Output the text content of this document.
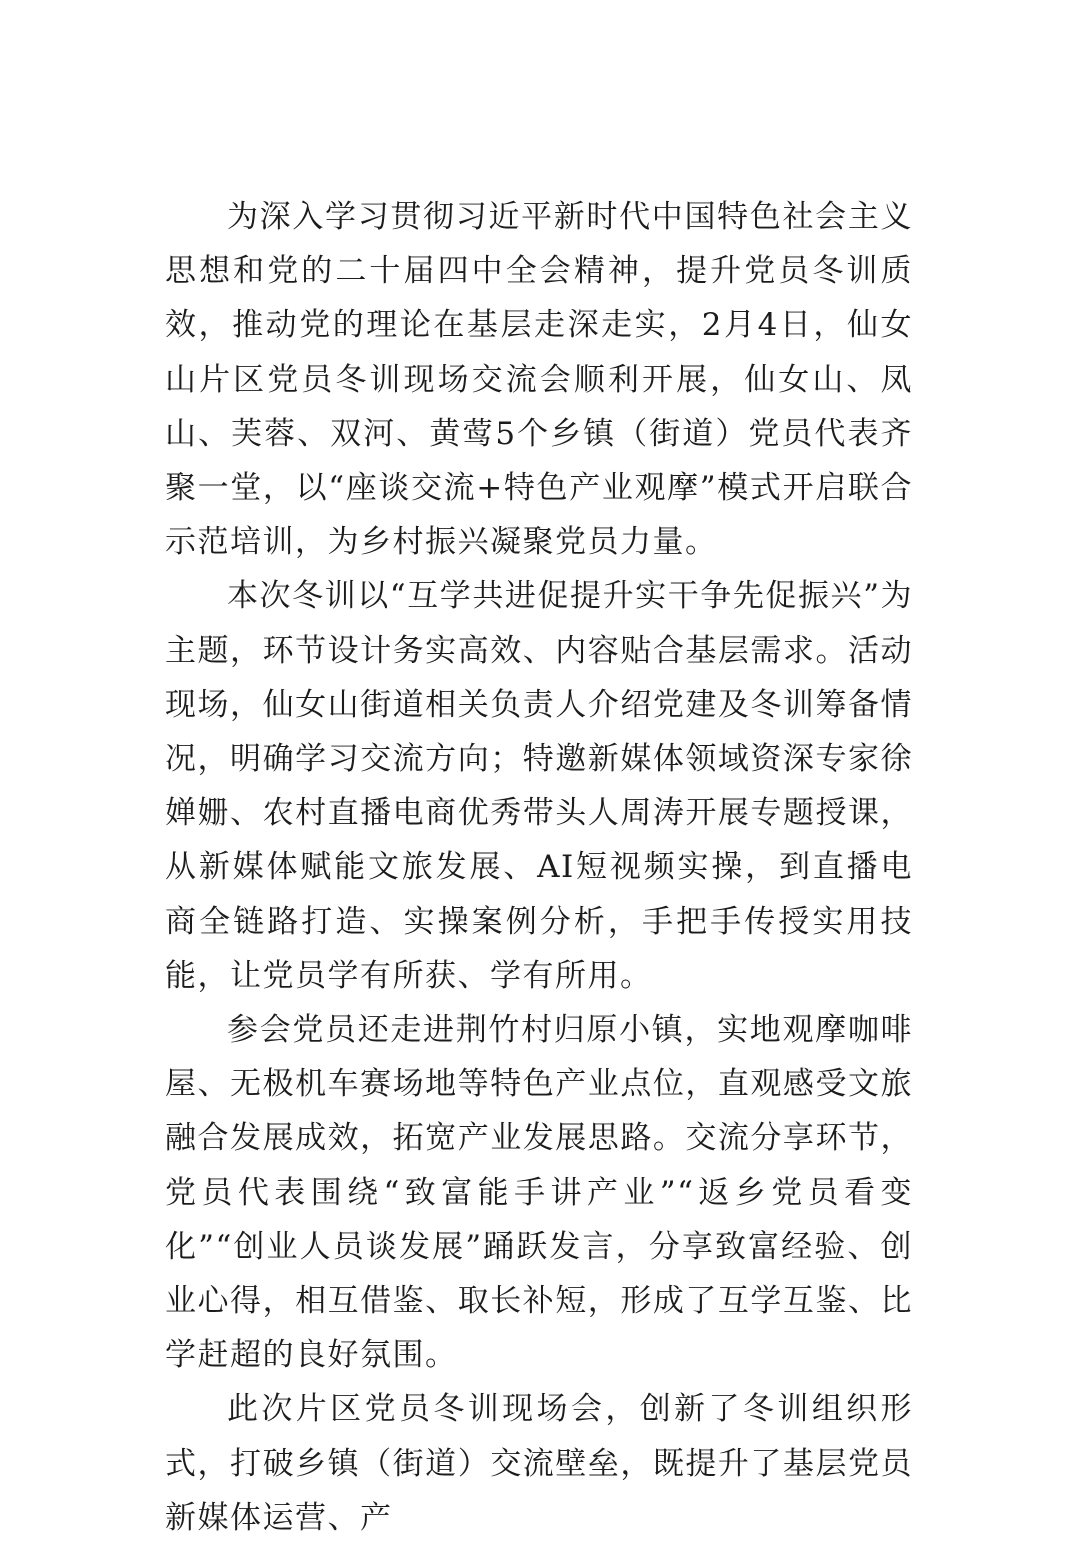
为深入学习贯彻习近平新时代中国特色社会主义思想和党的二十届四中全会精神，提升党员冬训质效，推动党的理论在基层走深走实，2月4日，仙女山片区党员冬训现场交流会顺利开展，仙女山、凤山、芙蓉、双河、黄莺5个乡镇（街道）党员代表齐聚一堂，以“座谈交流+特色产业观摩”模式开启联合示范培训，为乡村振兴凝聚党员力量。

本次冬训以“互学共进促提升实干争先促振兴”为主题，环节设计务实高效、内容贴合基层需求。活动现场，仙女山街道相关负责人介绍党建及冬训筹备情况，明确学习交流方向；特邀新媒体领域资深专家徐婵姗、农村直播电商优秀带头人周涛开展专题授课，从新媒体赋能文旅发展、AI短视频实操，到直播电商全链路打造、实操案例分析，手把手传授实用技能，让党员学有所获、学有所用。

参会党员还走进荆竹村归原小镇，实地观摩咖啡屋、无极机车赛场地等特色产业点位，直观感受文旅融合发展成效，拓宽产业发展思路。交流分享环节，党员代表围绕“致富能手讲产业”“返乡党员看变化”“创业人员谈发展”踊跃发言，分享致富经验、创业心得，相互借鉴、取长补短，形成了互学互鉴、比学赶超的良好氛围。

此次片区党员冬训现场会，创新了冬训组织形式，打破乡镇（街道）交流壁垒，既提升了基层党员新媒体运营、产
